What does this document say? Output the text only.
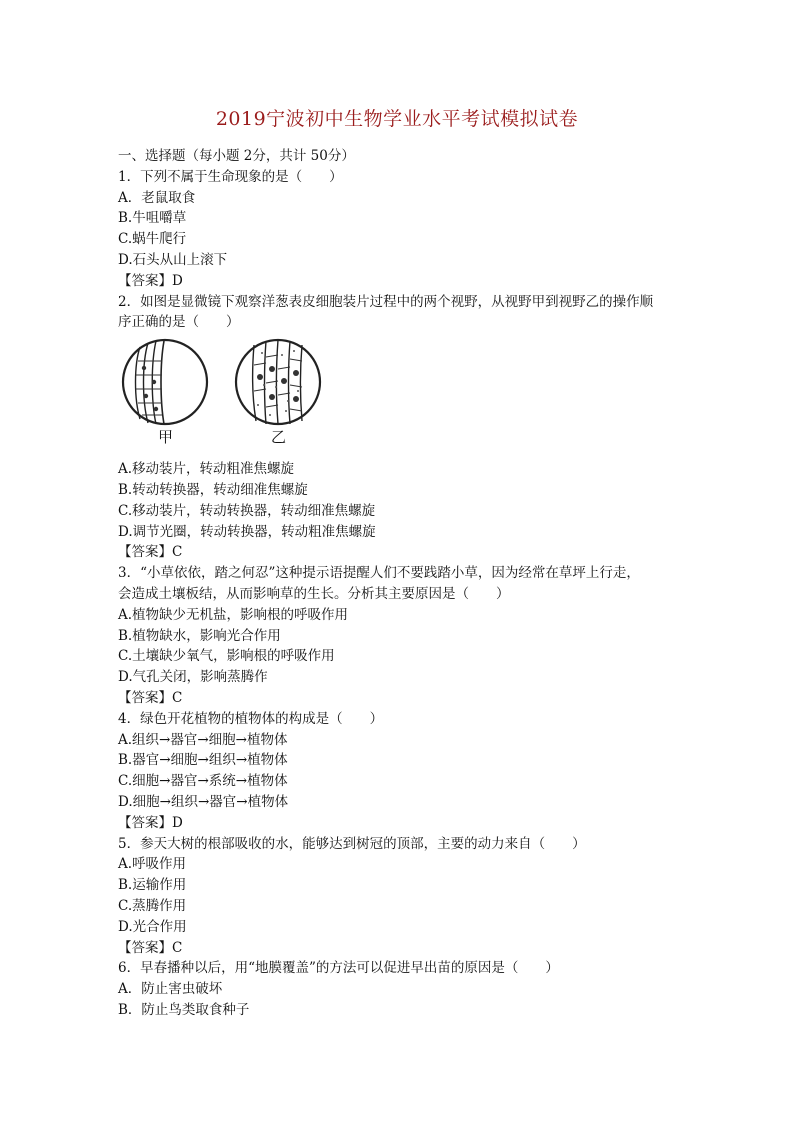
2019宁波初中生物学业水平考试模拟试卷
一、选择题（每小题 2分，共计 50分）
1．下列不属于生命现象的是（　　）
A．老鼠取食
B.牛咀嚼草
C.蜗牛爬行
D.石头从山上滚下
【答案】D
2．如图是显微镜下观察洋葱表皮细胞装片过程中的两个视野，从视野甲到视野乙的操作顺
序正确的是（　　）
甲	乙
A.移动装片，转动粗准焦螺旋
B.转动转换器，转动细准焦螺旋
C.移动装片，转动转换器，转动细准焦螺旋
D.调节光圈，转动转换器，转动粗准焦螺旋
【答案】C
3．“小草依依，踏之何忍”这种提示语提醒人们不要践踏小草，因为经常在草坪上行走，
会造成土壤板结，从而影响草的生长。分析其主要原因是（　　）
A.植物缺少无机盐，影响根的呼吸作用
B.植物缺水，影响光合作用
C.土壤缺少氧气，影响根的呼吸作用
D.气孔关闭，影响蒸腾作
【答案】C
4．绿色开花植物的植物体的构成是（　　）
A.组织→器官→细胞→植物体
B.器官→细胞→组织→植物体
C.细胞→器官→系统→植物体
D.细胞→组织→器官→植物体
【答案】D
5．参天大树的根部吸收的水，能够达到树冠的顶部，主要的动力来自（　　）
A.呼吸作用
B.运输作用
C.蒸腾作用
D.光合作用
【答案】C
6．早春播种以后，用“地膜覆盖”的方法可以促进早出苗的原因是（　　）
A．防止害虫破坏
B．防止鸟类取食种子
